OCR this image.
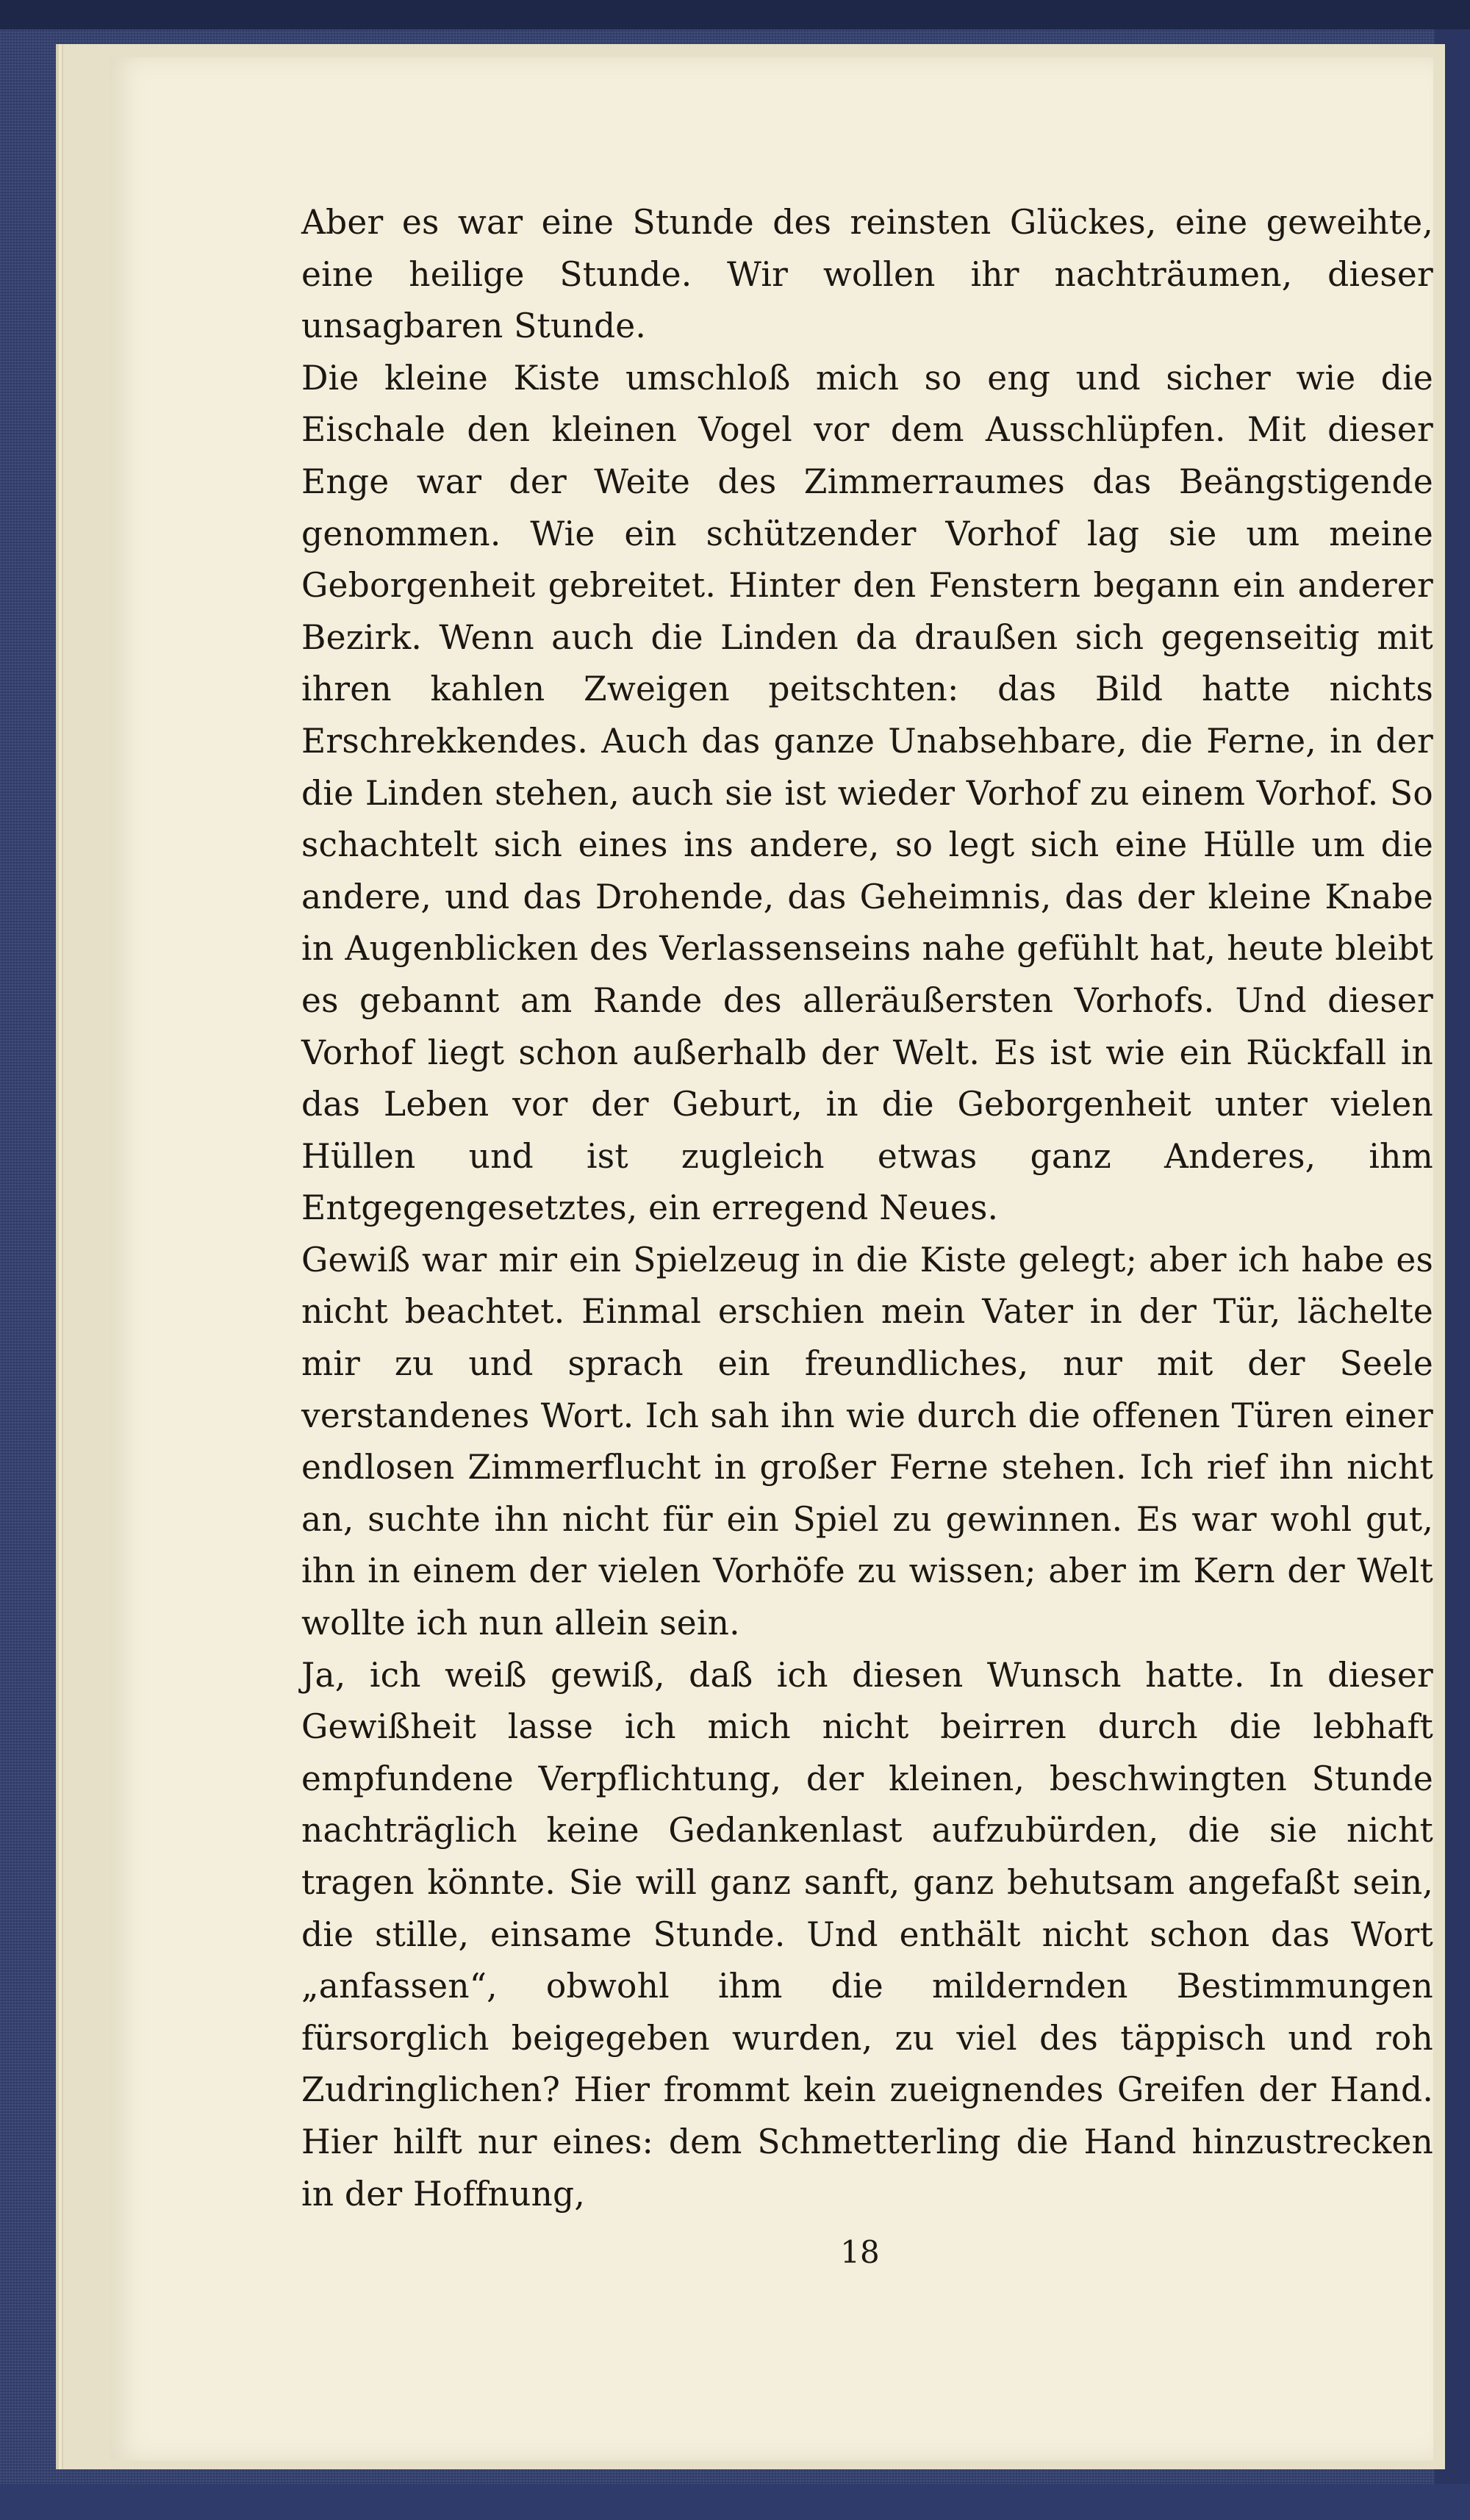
Aber es war eine Stunde des reinsten Glückes, eine geweihte, eine heilige Stunde. Wir wollen ihr nachträumen, dieser unsagbaren Stunde.

Die kleine Kiste umschloß mich so eng und sicher wie die Eischale den kleinen Vogel vor dem Ausschlüpfen. Mit dieser Enge war der Weite des Zimmerraumes das Beängstigende genommen. Wie ein schützender Vorhof lag sie um meine Geborgenheit gebreitet. Hinter den Fenstern begann ein anderer Bezirk. Wenn auch die Linden da draußen sich gegenseitig mit ihren kahlen Zweigen peitschten: das Bild hatte nichts Erschrekkendes. Auch das ganze Unabsehbare, die Ferne, in der die Linden stehen, auch sie ist wieder Vorhof zu einem Vorhof. So schachtelt sich eines ins andere, so legt sich eine Hülle um die andere, und das Drohende, das Geheimnis, das der kleine Knabe in Augenblicken des Verlassenseins nahe gefühlt hat, heute bleibt es gebannt am Rande des alleräußersten Vorhofs. Und dieser Vorhof liegt schon außerhalb der Welt. Es ist wie ein Rückfall in das Leben vor der Geburt, in die Geborgenheit unter vielen Hüllen und ist zugleich etwas ganz Anderes, ihm Entgegengesetztes, ein erregend Neues.

Gewiß war mir ein Spielzeug in die Kiste gelegt; aber ich habe es nicht beachtet. Einmal erschien mein Vater in der Tür, lächelte mir zu und sprach ein freundliches, nur mit der Seele verstandenes Wort. Ich sah ihn wie durch die offenen Türen einer endlosen Zimmerflucht in großer Ferne stehen. Ich rief ihn nicht an, suchte ihn nicht für ein Spiel zu gewinnen. Es war wohl gut, ihn in einem der vielen Vorhöfe zu wissen; aber im Kern der Welt wollte ich nun allein sein.

Ja, ich weiß gewiß, daß ich diesen Wunsch hatte. In dieser Gewißheit lasse ich mich nicht beirren durch die lebhaft empfundene Verpflichtung, der kleinen, beschwingten Stunde nachträglich keine Gedankenlast aufzubürden, die sie nicht tragen könnte. Sie will ganz sanft, ganz behutsam angefaßt sein, die stille, einsame Stunde. Und enthält nicht schon das Wort „anfassen“, obwohl ihm die mildernden Bestimmungen fürsorglich beigegeben wurden, zu viel des täppisch und roh Zudringlichen? Hier frommt kein zueignendes Greifen der Hand. Hier hilft nur eines: dem Schmetterling die Hand hinzustrecken in der Hoffnung,

18
